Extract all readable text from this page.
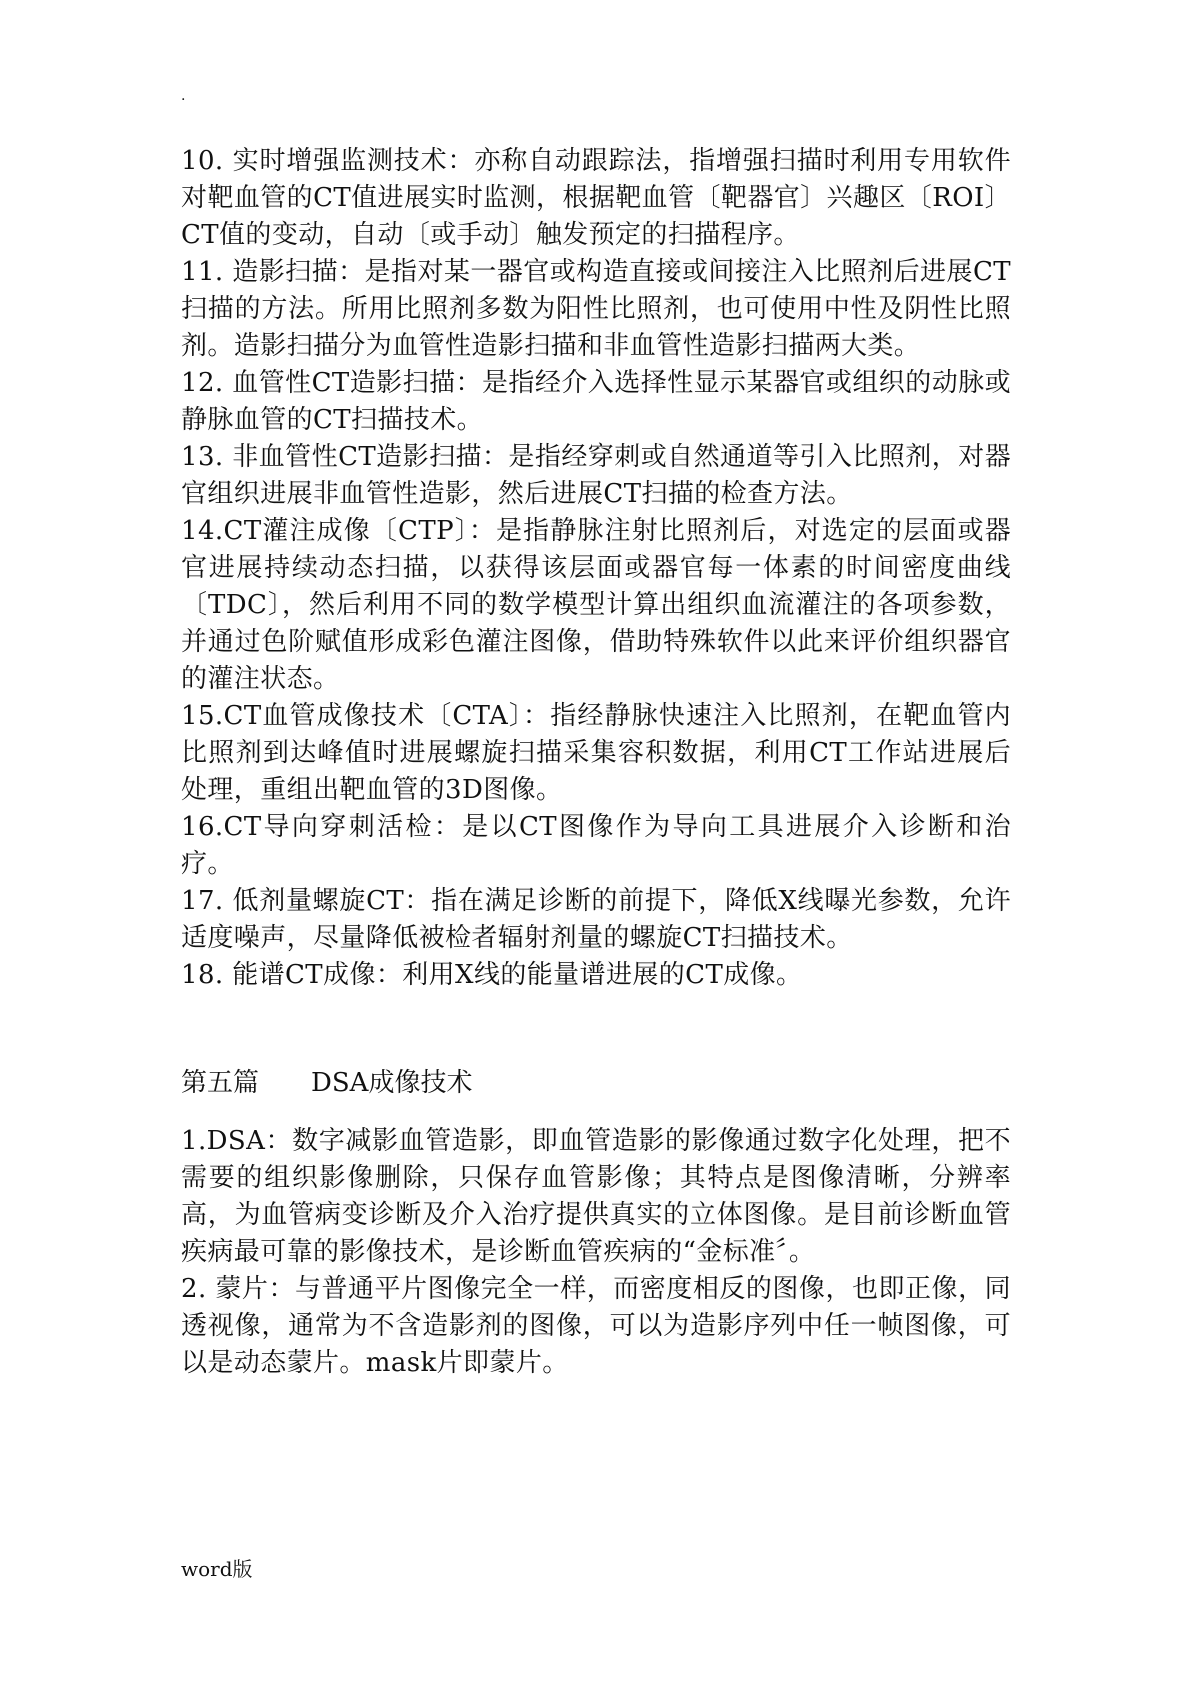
.

10. 实时增强监测技术：亦称自动跟踪法，指增强扫描时利用专用软件对靶血管的CT值进展实时监测，根据靶血管〔靶器官〕兴趣区〔ROI〕CT值的变动，自动〔或手动〕触发预定的扫描程序。

11. 造影扫描：是指对某一器官或构造直接或间接注入比照剂后进展CT扫描的方法。所用比照剂多数为阳性比照剂，也可使用中性及阴性比照剂。造影扫描分为血管性造影扫描和非血管性造影扫描两大类。

12. 血管性CT造影扫描：是指经介入选择性显示某器官或组织的动脉或静脉血管的CT扫描技术。

13. 非血管性CT造影扫描：是指经穿刺或自然通道等引入比照剂，对器官组织进展非血管性造影，然后进展CT扫描的检查方法。

14.CT灌注成像〔CTP〕：是指静脉注射比照剂后，对选定的层面或器官进展持续动态扫描，以获得该层面或器官每一体素的时间密度曲线〔TDC〕，然后利用不同的数学模型计算出组织血流灌注的各项参数，并通过色阶赋值形成彩色灌注图像，借助特殊软件以此来评价组织器官的灌注状态。

15.CT血管成像技术〔CTA〕：指经静脉快速注入比照剂，在靶血管内比照剂到达峰值时进展螺旋扫描采集容积数据，利用CT工作站进展后处理，重组出靶血管的3D图像。

16.CT导向穿刺活检：是以CT图像作为导向工具进展介入诊断和治疗。

17. 低剂量螺旋CT：指在满足诊断的前提下，降低X线曝光参数，允许适度噪声，尽量降低被检者辐射剂量的螺旋CT扫描技术。

18. 能谱CT成像：利用X线的能量谱进展的CT成像。

第五篇 DSA成像技术

1.DSA：数字减影血管造影，即血管造影的影像通过数字化处理，把不需要的组织影像删除，只保存血管影像；其特点是图像清晰，分辨率高，为血管病变诊断及介入治疗提供真实的立体图像。是目前诊断血管疾病最可靠的影像技术，是诊断血管疾病的“金标准〞。

2. 蒙片：与普通平片图像完全一样，而密度相反的图像，也即正像，同透视像，通常为不含造影剂的图像，可以为造影序列中任一帧图像，可以是动态蒙片。mask片即蒙片。

word版
